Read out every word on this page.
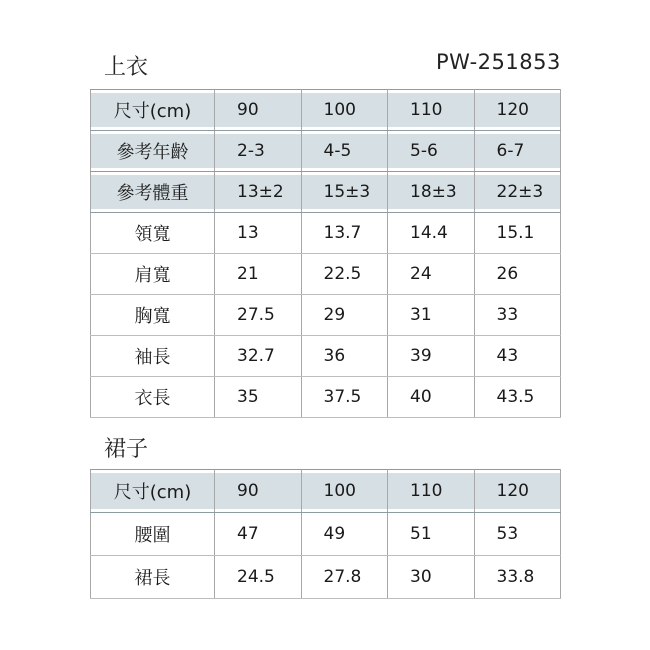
上衣	PW-251853
尺寸(cm)	90	100	110	120
參考年齡	2-3	4-5	5-6	6-7
參考體重	13±2	15±3	18±3	22±3
領寬	13	13.7	14.4	15.1
肩寬	21	22.5	24	26
胸寬	27.5	29	31	33
袖長	32.7	36	39	43
衣長	35	37.5	40	43.5
裙子
尺寸(cm)	90	100	110	120
腰圍	47	49	51	53
裙長	24.5	27.8	30	33.8
